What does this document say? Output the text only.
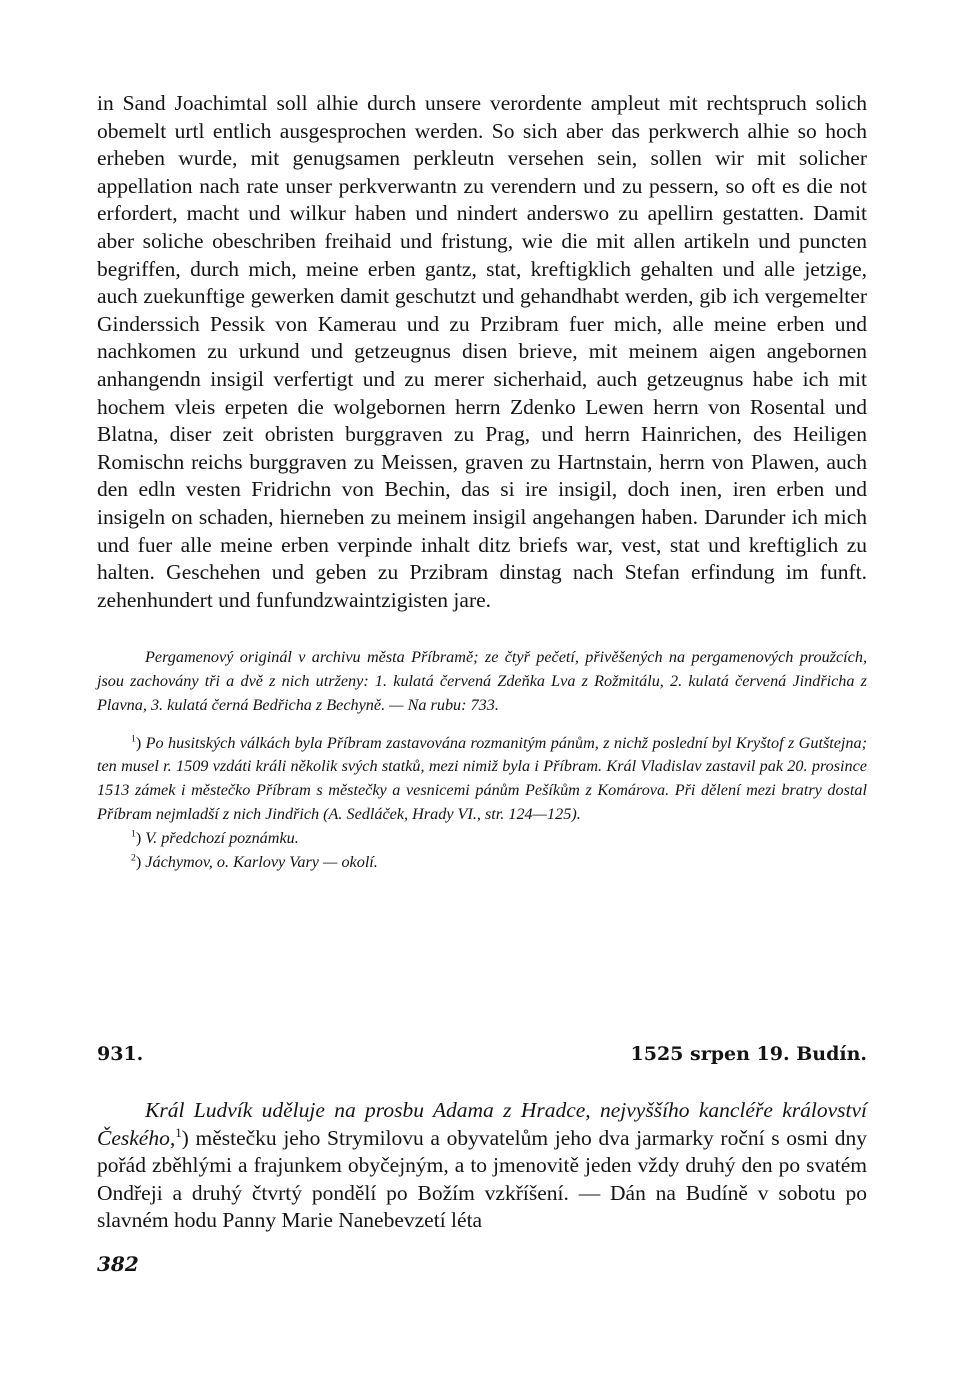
in Sand Joachimtal soll alhie durch unsere verordente ampleut mit rechtspruch solich obemelt urtl entlich ausgesprochen werden. So sich aber das perkwerch alhie so hoch erheben wurde, mit genugsamen perkleutn versehen sein, sollen wir mit solicher appellation nach rate unser perkverwantn zu verendern und zu pessern, so oft es die not erfordert, macht und wilkur haben und nindert anderswo zu apellirn gestatten. Damit aber soliche obeschriben freihaid und fristung, wie die mit allen artikeln und puncten begriffen, durch mich, meine erben gantz, stat, kreftigklich gehalten und alle jetzige, auch zuekunftige gewerken damit geschutzt und gehandhabt werden, gib ich vergemelter Ginderssich Pessik von Kamerau und zu Przibram fuer mich, alle meine erben und nachkomen zu urkund und getzeugnus disen brieve, mit meinem aigen angebornen anhangendn insigil verfertigt und zu merer sicherhaid, auch getzeugnus habe ich mit hochem vleis erpeten die wolgebornen herrn Zdenko Lewen herrn von Rosental und Blatna, diser zeit obristen burggraven zu Prag, und herrn Hainrichen, des Heiligen Romischn reichs burggraven zu Meissen, graven zu Hartnstain, herrn von Plawen, auch den edln vesten Fridrichn von Bechin, das si ire insigil, doch inen, iren erben und insigeln on schaden, hierneben zu meinem insigil angehangen haben. Darunder ich mich und fuer alle meine erben verpinde inhalt ditz briefs war, vest, stat und kreftiglich zu halten. Geschehen und geben zu Przibram dinstag nach Stefan erfindung im funft. zehenhundert und funfundzwaintzigisten jare.

Pergamenový originál v archivu města Příbramě; ze čtyř pečetí, přivěšených na pergamenových proužcích, jsou zachovány tři a dvě z nich utrženy: 1. kulatá červená Zdeňka Lva z Rožmitálu, 2. kulatá červená Jindřicha z Plavna, 3. kulatá černá Bedřicha z Bechyně. — Na rubu: 733.

$^1$) Po husitských válkách byla Příbram zastavována rozmanitým pánům, z nichž poslední byl Kryštof z Gutštejna; ten musel r. 1509 vzdáti králi několik svých statků, mezi nimiž byla i Příbram. Král Vladislav zastavil pak 20. prosince 1513 zámek i městečko Příbram s městečky a vesnicemi pánům Pešíkům z Komárova. Při dělení mezi bratry dostal Příbram nejmladší z nich Jindřich (A. Sedláček, Hrady VI., str. 124—125).

$^1$) V. předchozí poznámku.

$^2$) Jáchymov, o. Karlovy Vary — okolí.

931.	1525 srpen 19. Budín.

Král Ludvík uděluje na prosbu Adama z Hradce, nejvyššího kancléře království Českého,$^1$) městečku jeho Strymilovu a obyvatelům jeho dva jarmarky roční s osmi dny pořád zběhlými a frajunkem obyčejným, a to jmenovitě jeden vždy druhý den po svatém Ondřeji a druhý čtvrtý pondělí po Božím vzkříšení. — Dán na Budíně v sobotu po slavném hodu Panny Marie Nanebevzetí léta

382
